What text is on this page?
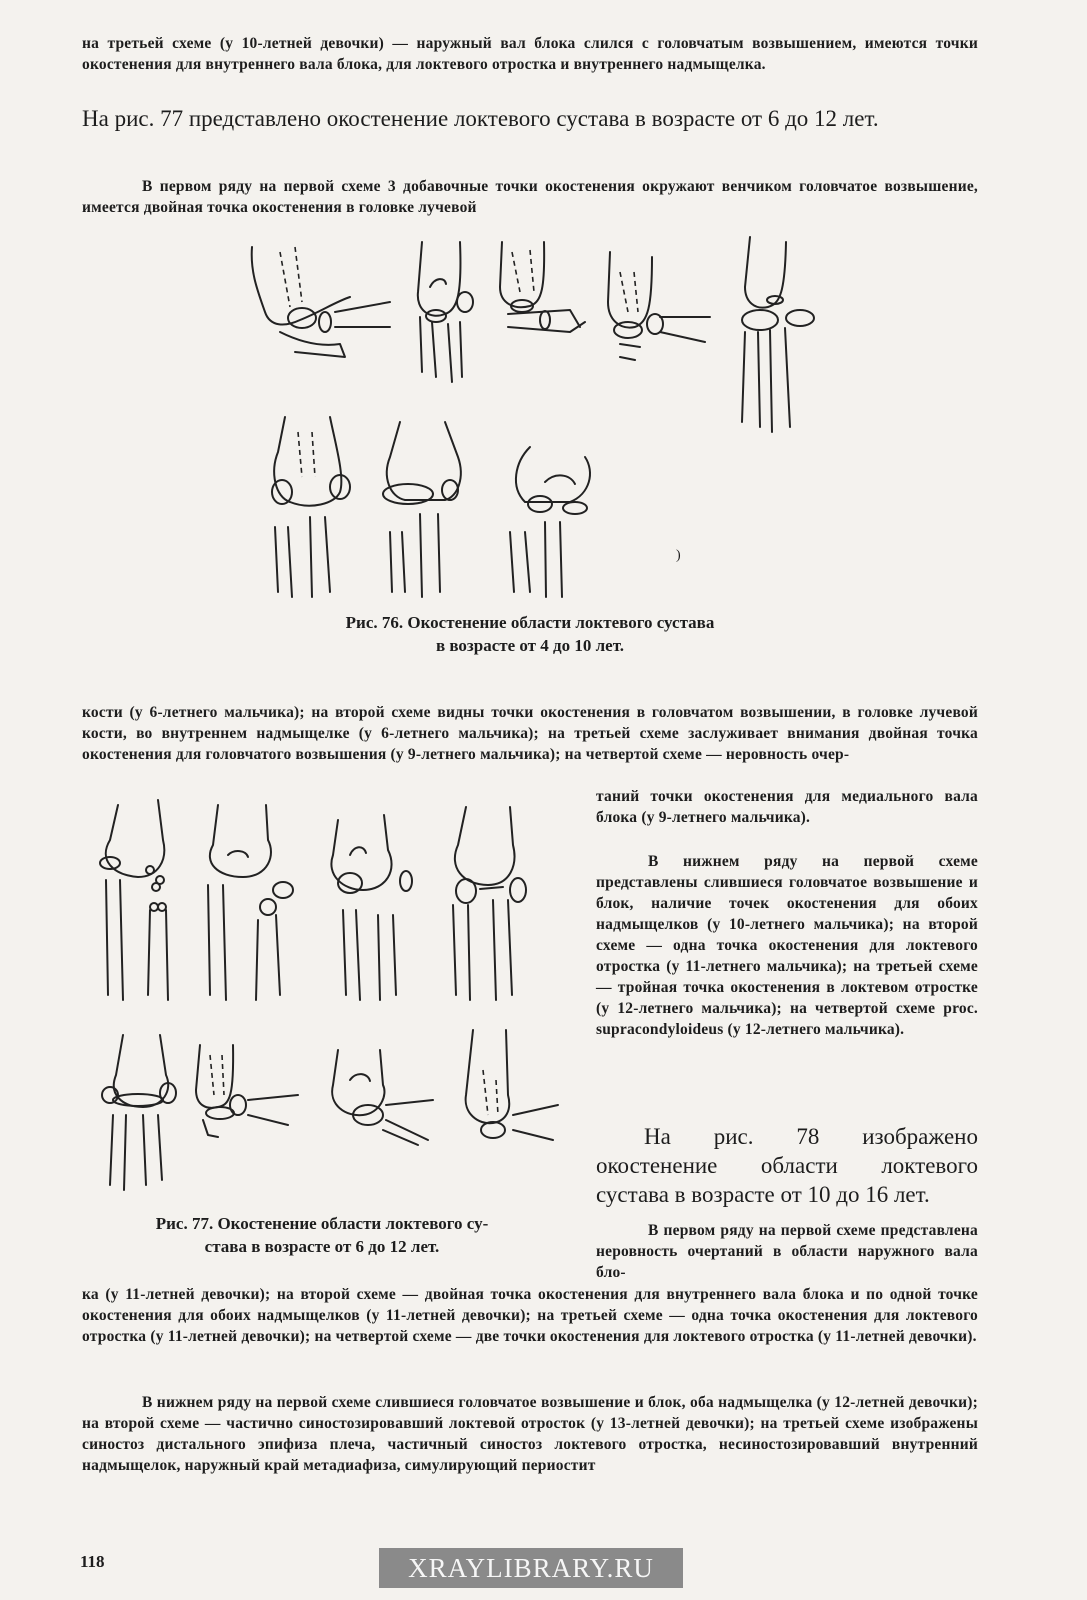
на третьей схеме (у 10-летней девочки) — наружный вал блока слился с головчатым возвышением, имеются точки окостенения для внутреннего вала блока, для локтевого отростка и внутреннего надмыщелка.

На рис. 77 представлено окостенение локтевого сустава в возрасте от 6 до 12 лет.

В первом ряду на первой схеме 3 добавочные точки окостенения окружают венчиком головчатое возвышение, имеется двойная точка окостенения в головке лучевой

)
Рис. 76. Окостенение области локтевого сустава
в возрасте от 4 до 10 лет.

кости (у 6-летнего мальчика); на второй схеме видны точки окостенения в головчатом возвышении, в головке лучевой кости, во внутреннем надмыщелке (у 6-летнего мальчика); на третьей схеме заслуживает внимания двойная точка окостенения для головчатого возвышения (у 9-летнего мальчика); на четвертой схеме — неровность очер-

таний точки окостенения для медиального вала блока (у 9-летнего мальчика).

В нижнем ряду на первой схеме представлены слившиеся головчатое возвышение и блок, наличие точек окостенения для обоих надмыщелков (у 10-летнего мальчика); на второй схеме — одна точка окостенения для локтевого отростка (у 11-летнего мальчика); на третьей схеме — тройная точка окостенения в локтевом отростке (у 12-летнего мальчика); на четвертой схеме proc. supracondyloideus (у 12-летнего мальчика).

На рис. 78 изображено окостенение области локтевого сустава в возрасте от 10 до 16 лет.

Рис. 77. Окостенение области локтевого су-
става в возрасте от 6 до 12 лет.

В первом ряду на первой схеме представлена неровность очертаний в области наружного вала бло-

ка (у 11-летней девочки); на второй схеме — двойная точка окостенения для внутреннего вала блока и по одной точке окостенения для обоих надмыщелков (у 11-летней девочки); на третьей схеме — одна точка окостенения для локтевого отростка (у 11-летней девочки); на четвертой схеме — две точки окостенения для локтевого отростка (у 11-летней девочки).

В нижнем ряду на первой схеме слившиеся головчатое возвышение и блок, оба надмыщелка (у 12-летней девочки); на второй схеме — частично синостозировавший локтевой отросток (у 13-летней девочки); на третьей схеме изображены синостоз дистального эпифиза плеча, частичный синостоз локтевого отростка, несиностозировавший внутренний надмыщелок, наружный край метадиафиза, симулирующий периостит

118	XRAYLIBRARY.RU
